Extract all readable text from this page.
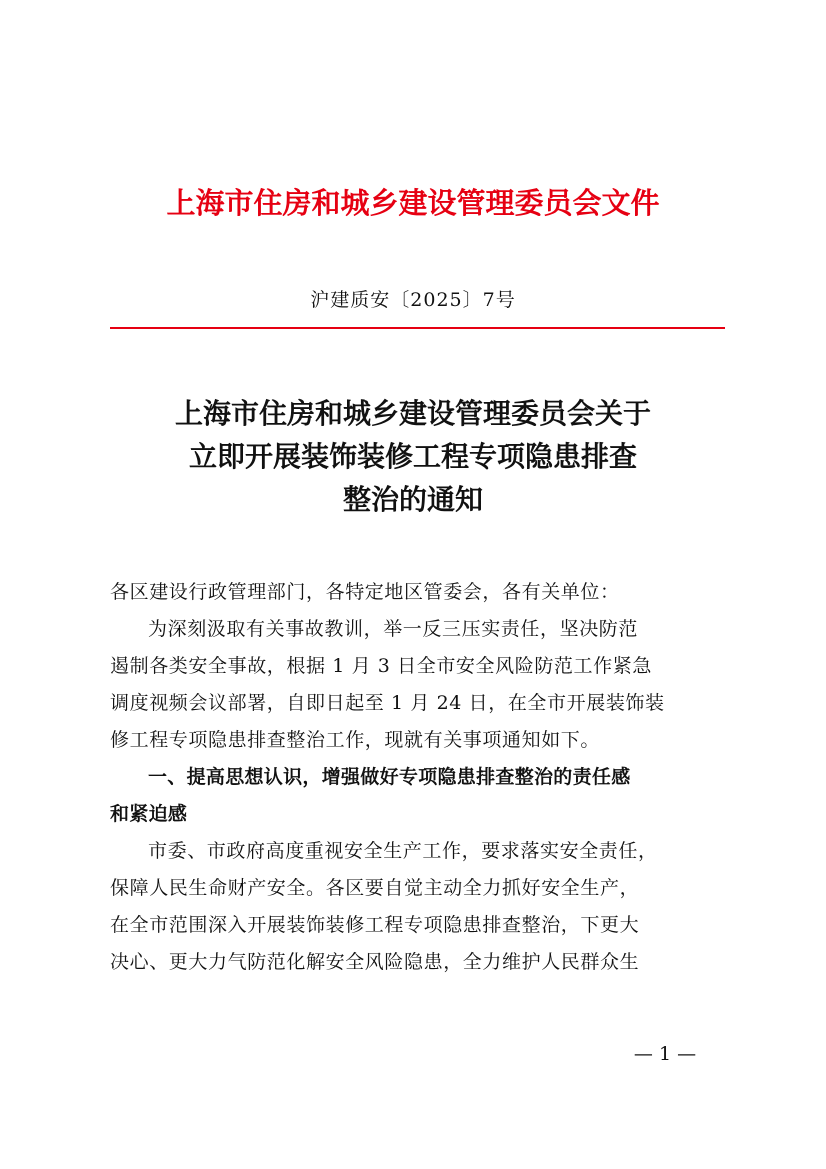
上海市住房和城乡建设管理委员会文件
沪建质安〔2025〕7号
上海市住房和城乡建设管理委员会关于
立即开展装饰装修工程专项隐患排查
整治的通知
各区建设行政管理部门，各特定地区管委会，各有关单位：
为深刻汲取有关事故教训，举一反三压实责任，坚决防范
遏制各类安全事故，根据 1 月 3 日全市安全风险防范工作紧急
调度视频会议部署，自即日起至 1 月 24 日，在全市开展装饰装
修工程专项隐患排查整治工作，现就有关事项通知如下。
一、提高思想认识，增强做好专项隐患排查整治的责任感
和紧迫感
市委、市政府高度重视安全生产工作，要求落实安全责任，
保障人民生命财产安全。各区要自觉主动全力抓好安全生产，
在全市范围深入开展装饰装修工程专项隐患排查整治，下更大
决心、更大力气防范化解安全风险隐患，全力维护人民群众生
— 1 —
